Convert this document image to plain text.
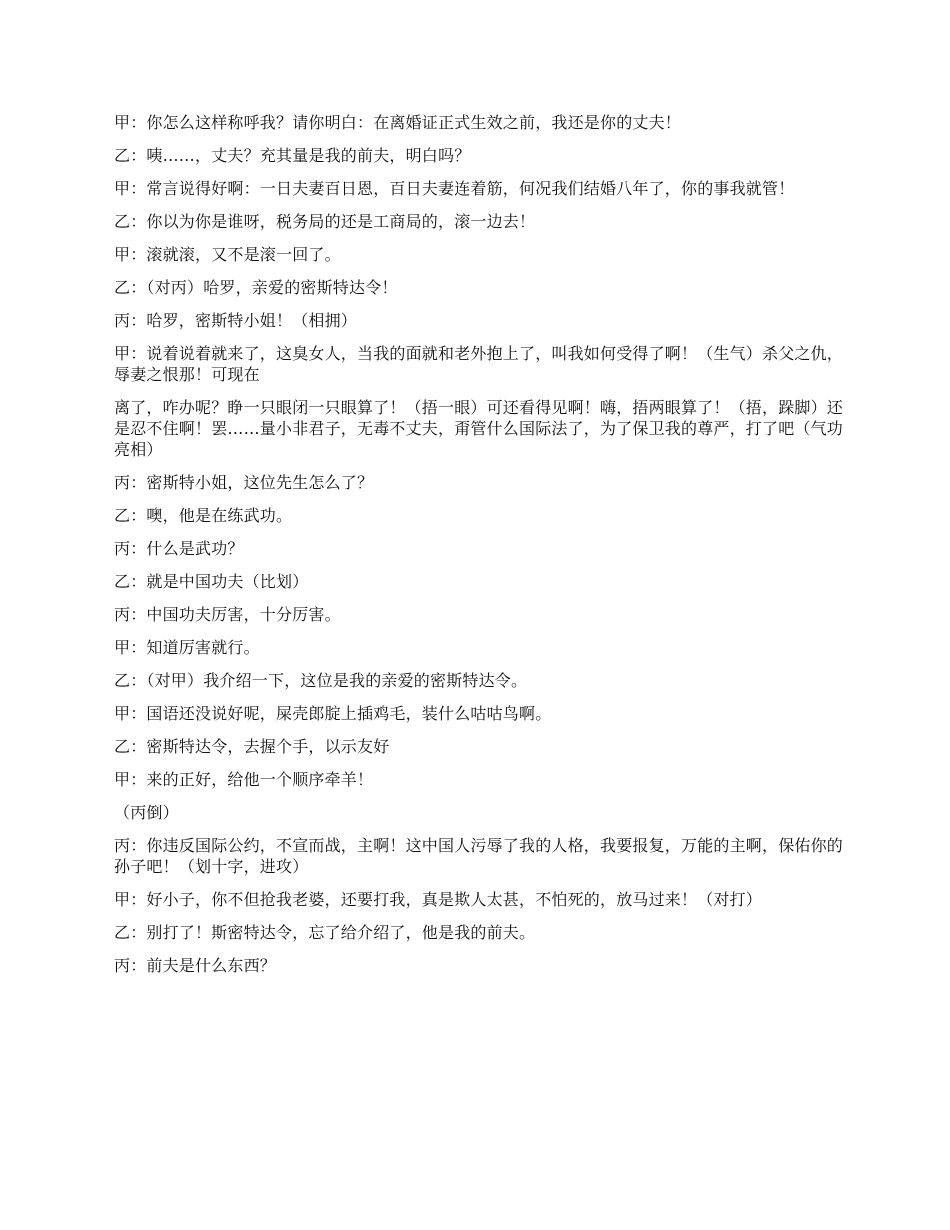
甲：你怎么这样称呼我？请你明白：在离婚证正式生效之前，我还是你的丈夫！

乙：咦……，丈夫？充其量是我的前夫，明白吗？

甲：常言说得好啊：一日夫妻百日恩，百日夫妻连着筋，何况我们结婚八年了，你的事我就管！

乙：你以为你是谁呀，税务局的还是工商局的，滚一边去！

甲：滚就滚，又不是滚一回了。

乙：（对丙）哈罗，亲爱的密斯特达令！

丙：哈罗，密斯特小姐！（相拥）

甲：说着说着就来了，这臭女人，当我的面就和老外抱上了，叫我如何受得了啊！（生气）杀父之仇，辱妻之恨那！可现在

离了，咋办呢？睁一只眼闭一只眼算了！（捂一眼）可还看得见啊！嗨，捂两眼算了！（捂，跺脚）还是忍不住啊！罢……量小非君子，无毒不丈夫，甭管什么国际法了，为了保卫我的尊严，打了吧（气功亮相）

丙：密斯特小姐，这位先生怎么了？

乙：噢，他是在练武功。

丙：什么是武功？

乙：就是中国功夫（比划）

丙：中国功夫厉害，十分厉害。

甲：知道厉害就行。

乙：（对甲）我介绍一下，这位是我的亲爱的密斯特达令。

甲：国语还没说好呢，屎壳郎腚上插鸡毛，装什么咕咕鸟啊。

乙：密斯特达令，去握个手，以示友好

甲：来的正好，给他一个顺序牵羊！

（丙倒）

丙：你违反国际公约，不宣而战，主啊！这中国人污辱了我的人格，我要报复，万能的主啊，保佑你的孙子吧！（划十字，进攻）

甲：好小子，你不但抢我老婆，还要打我，真是欺人太甚，不怕死的，放马过来！（对打）

乙：别打了！斯密特达令，忘了给介绍了，他是我的前夫。

丙：前夫是什么东西？
